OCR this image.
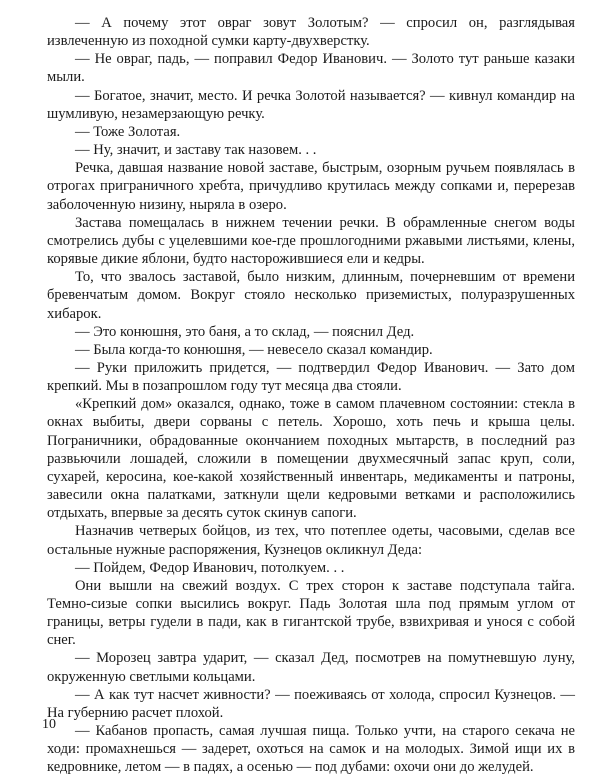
— А почему этот овраг зовут Золотым? — спросил он, разглядывая извлеченную из походной сумки карту-двухверстку.

— Не овраг, падь, — поправил Федор Иванович. — Золото тут раньше казаки мыли.

— Богатое, значит, место. И речка Золотой называется? — кивнул командир на шумливую, незамерзающую речку.

— Тоже Золотая.

— Ну, значит, и заставу так назовем. . .

Речка, давшая название новой заставе, быстрым, озорным ручьем появлялась в отрогах приграничного хребта, причудливо крутилась между сопками и, перерезав заболоченную низину, ныряла в озеро.

Застава помещалась в нижнем течении речки. В обрамленные снегом воды смотрелись дубы с уцелевшими кое-где прошлогодними ржавыми листьями, клены, корявые дикие яблони, будто насторожившиеся ели и кедры.

То, что звалось заставой, было низким, длинным, почерневшим от времени бревенчатым домом. Вокруг стояло несколько приземистых, полуразрушенных хибарок.

— Это конюшня, это баня, а то склад, — пояснил Дед.

— Была когда-то конюшня, — невесело сказал командир.

— Руки приложить придется, — подтвердил Федор Иванович. — Зато дом крепкий. Мы в позапрошлом году тут месяца два стояли.

«Крепкий дом» оказался, однако, тоже в самом плачевном состоянии: стекла в окнах выбиты, двери сорваны с петель. Хорошо, хоть печь и крыша целы. Пограничники, обрадованные окончанием походных мытарств, в последний раз развьючили лошадей, сложили в помещении двухмесячный запас круп, соли, сухарей, керосина, кое-какой хозяйственный инвентарь, медикаменты и патроны, завесили окна палатками, заткнули щели кедровыми ветками и расположились отдыхать, впервые за десять суток скинув сапоги.

Назначив четверых бойцов, из тех, что потеплее одеты, часовыми, сделав все остальные нужные распоряжения, Кузнецов окликнул Деда:

— Пойдем, Федор Иванович, потолкуем. . .

Они вышли на свежий воздух. С трех сторон к заставе подступала тайга. Темно-сизые сопки высились вокруг. Падь Золотая шла под прямым углом от границы, ветры гудели в пади, как в гигантской трубе, взвихривая и унося с собой снег.

— Морозец завтра ударит, — сказал Дед, посмотрев на помутневшую луну, окруженную светлыми кольцами.

— А как тут насчет живности? — поеживаясь от холода, спросил Кузнецов. — На губернию расчет плохой.

— Кабанов пропасть, самая лучшая пища. Только учти, на старого секача не ходи: промахнешься — задерет, охоться на самок и на молодых. Зимой ищи их в кедровнике, летом — в падях, а осенью — под дубами: охочи они до желудей.

10
